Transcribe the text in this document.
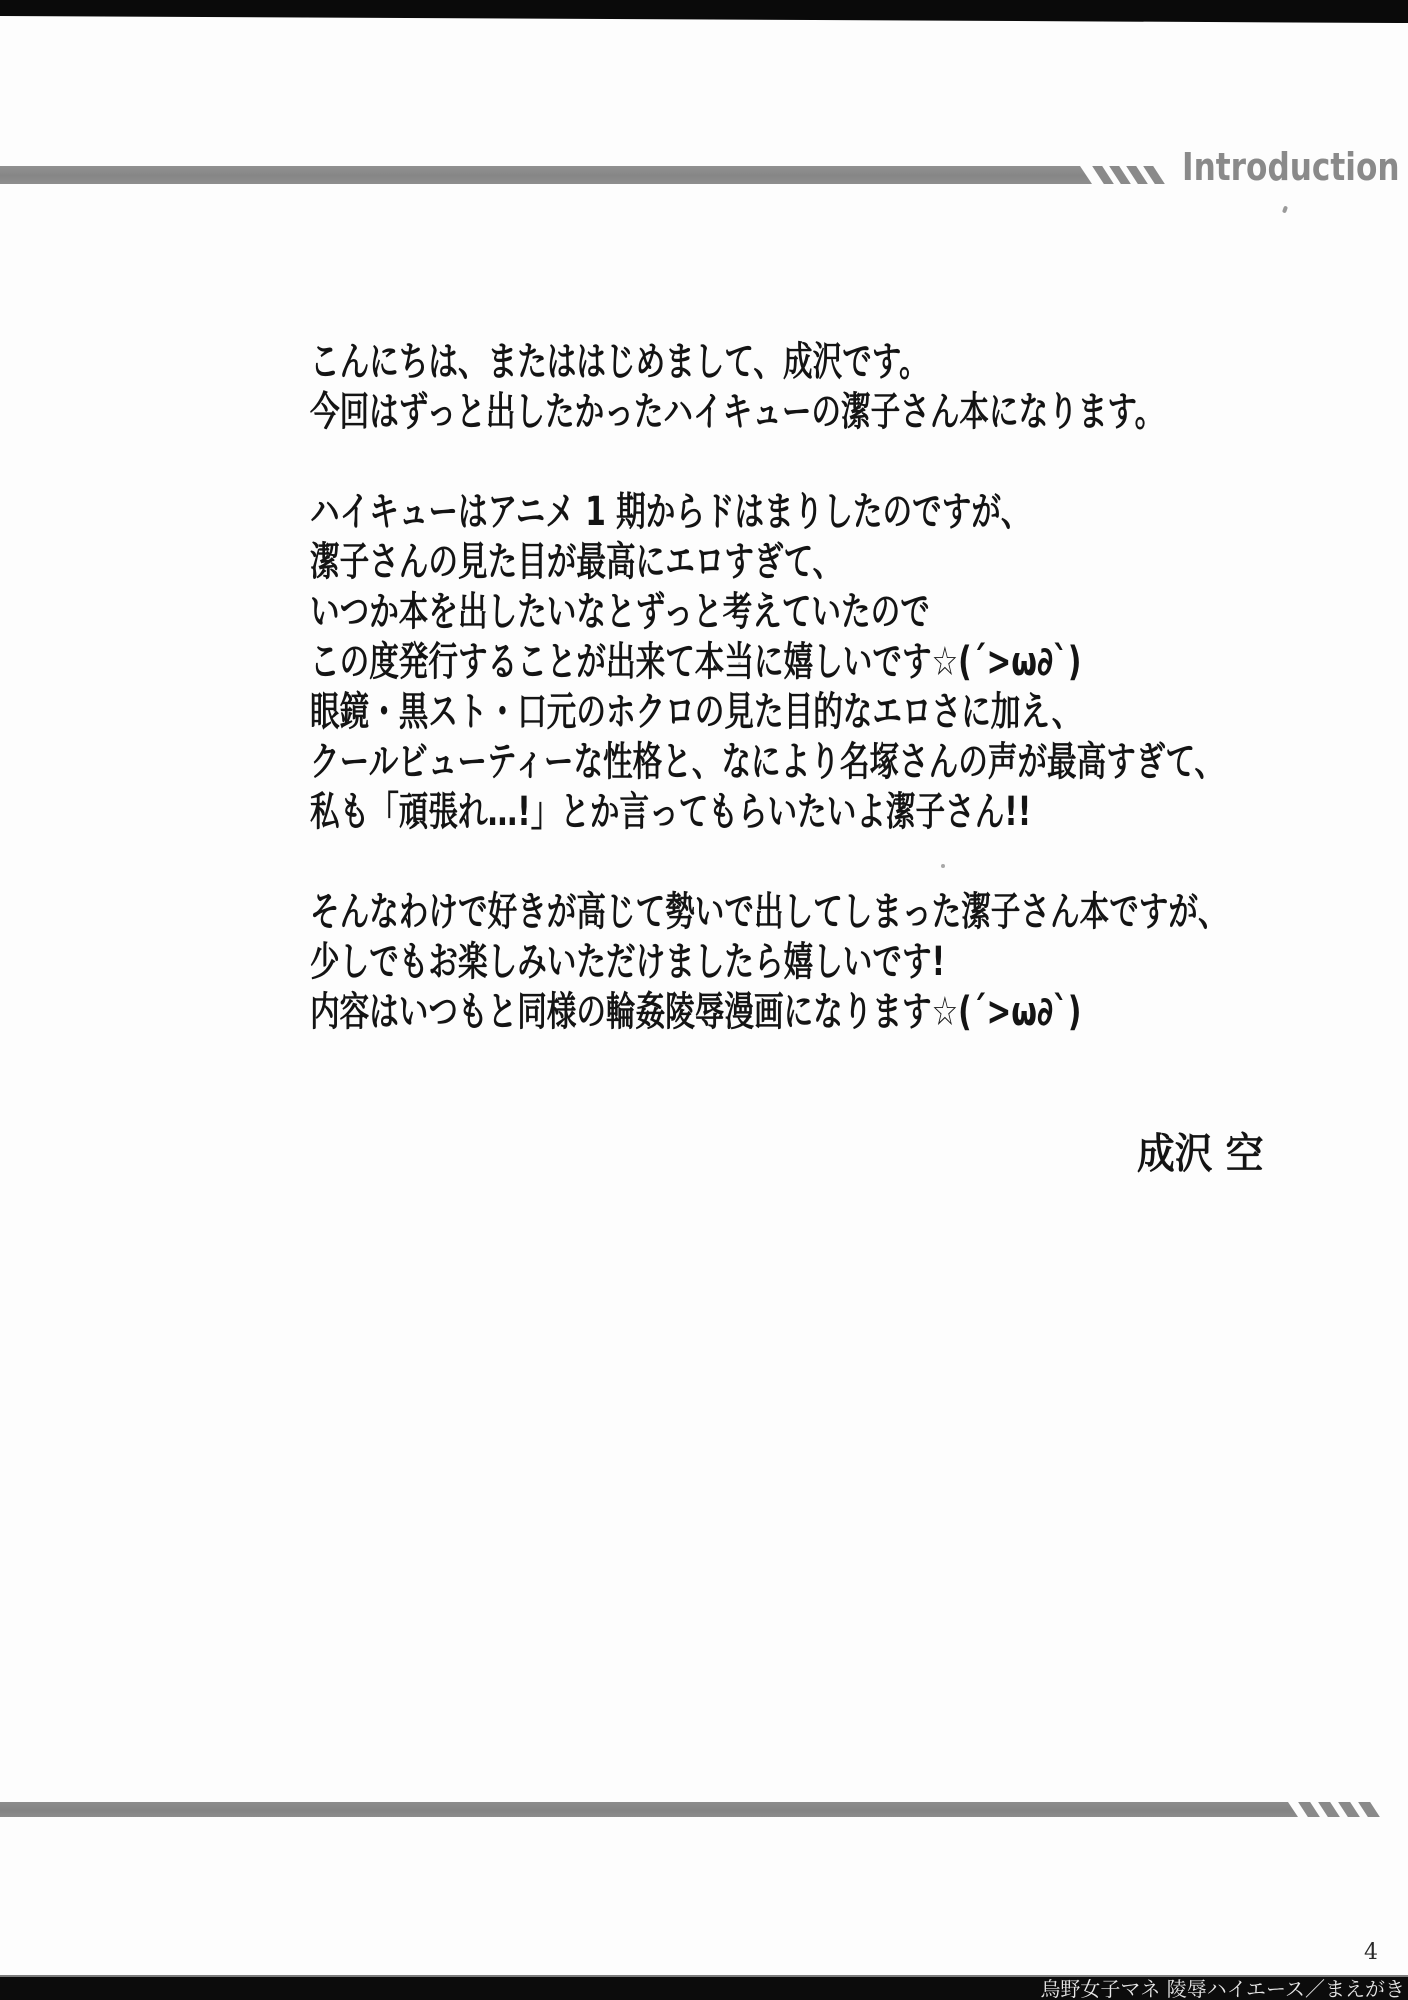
Introduction
こんにちは、またははじめまして、成沢です。
今回はずっと出したかったハイキューの潔子さん本になります。
ハイキューはアニメ 1 期からドはまりしたのですが、
潔子さんの見た目が最高にエロすぎて、
いつか本を出したいなとずっと考えていたので
この度発行することが出来て本当に嬉しいです☆(´>ω∂`)
眼鏡・黒スト・口元のホクロの見た目的なエロさに加え、
クールビューティーな性格と、なにより名塚さんの声が最高すぎて、
私も「頑張れ…!」とか言ってもらいたいよ潔子さん!!
そんなわけで好きが高じて勢いで出してしまった潔子さん本ですが、
少しでもお楽しみいただけましたら嬉しいです!
内容はいつもと同様の輪姦陵辱漫画になります☆(´>ω∂`)
成沢 空
4
烏野女子マネ 陵辱ハイエース／まえがき
